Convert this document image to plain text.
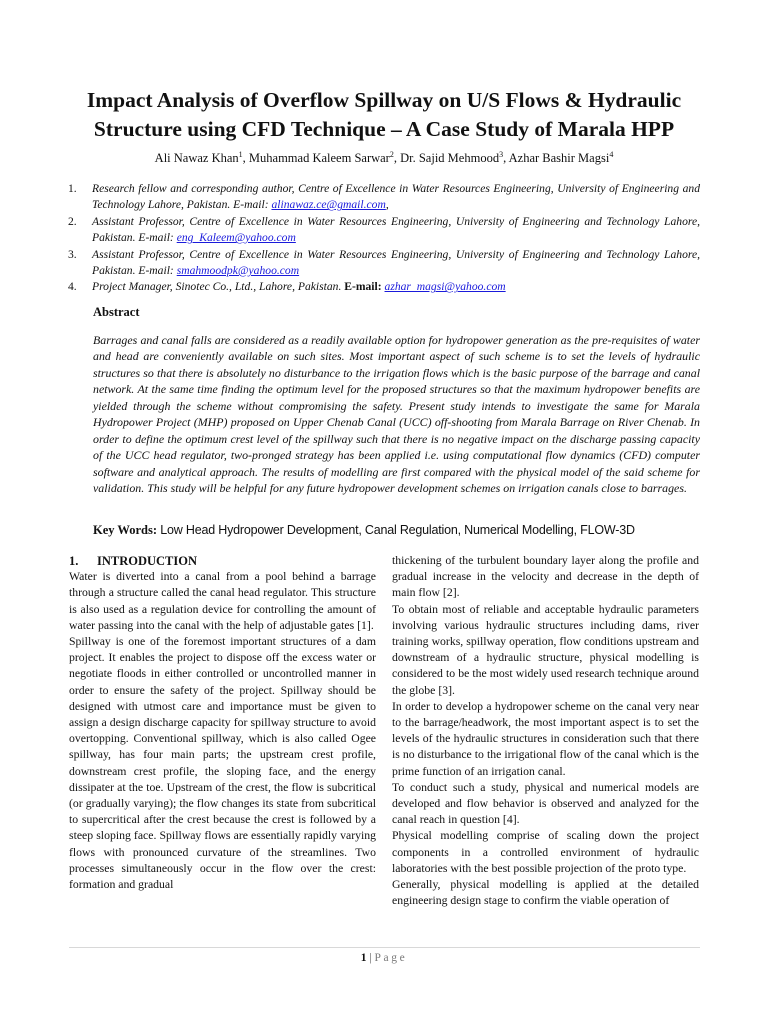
Impact Analysis of Overflow Spillway on U/S Flows & Hydraulic
Structure using CFD Technique – A Case Study of Marala HPP
Ali Nawaz Khan$^1$, Muhammad Kaleem Sarwar$^2$, Dr. Sajid Mehmood$^3$, Azhar Bashir Magsi$^4$
1. Research fellow and corresponding author, Centre of Excellence in Water Resources Engineering, University of Engineering and Technology Lahore, Pakistan. E-mail: alinawaz.ce@gmail.com,
2. Assistant Professor, Centre of Excellence in Water Resources Engineering, University of Engineering and Technology Lahore, Pakistan. E-mail: eng_Kaleem@yahoo.com
3. Assistant Professor, Centre of Excellence in Water Resources Engineering, University of Engineering and Technology Lahore, Pakistan. E-mail: smahmoodpk@yahoo.com
4. Project Manager, Sinotec Co., Ltd., Lahore, Pakistan. E-mail: azhar_magsi@yahoo.com
Abstract

Barrages and canal falls are considered as a readily available option for hydropower generation as the pre-requisites of water and head are conveniently available on such sites. Most important aspect of such scheme is to set the levels of hydraulic structures so that there is absolutely no disturbance to the irrigation flows which is the basic purpose of the barrage and canal network. At the same time finding the optimum level for the proposed structures so that the maximum hydropower benefits are yielded through the scheme without compromising the safety. Present study intends to investigate the same for Marala Hydropower Project (MHP) proposed on Upper Chenab Canal (UCC) off-shooting from Marala Barrage on River Chenab. In order to define the optimum crest level of the spillway such that there is no negative impact on the discharge passing capacity of the UCC head regulator, two-pronged strategy has been applied i.e. using computational flow dynamics (CFD) computer software and analytical approach. The results of modelling are first compared with the physical model of the said scheme for validation. This study will be helpful for any future hydropower development schemes on irrigation canals close to barrages.

Key Words: Low Head Hydropower Development, Canal Regulation, Numerical Modelling, FLOW-3D
1.	INTRODUCTION

Water is diverted into a canal from a pool behind a barrage through a structure called the canal head regulator. This structure is also used as a regulation device for controlling the amount of water passing into the canal with the help of adjustable gates [1].

Spillway is one of the foremost important structures of a dam project. It enables the project to dispose off the excess water or negotiate floods in either controlled or uncontrolled manner in order to ensure the safety of the project. Spillway should be designed with utmost care and importance must be given to assign a design discharge capacity for spillway structure to avoid overtopping. Conventional spillway, which is also called Ogee spillway, has four main parts; the upstream crest profile, downstream crest profile, the sloping face, and the energy dissipater at the toe. Upstream of the crest, the flow is subcritical (or gradually varying); the flow changes its state from subcritical to supercritical after the crest because the crest is followed by a steep sloping face. Spillway flows are essentially rapidly varying flows with pronounced curvature of the streamlines. Two processes simultaneously occur in the flow over the crest: formation and gradual

thickening of the turbulent boundary layer along the profile and gradual increase in the velocity and decrease in the depth of main flow [2].

To obtain most of reliable and acceptable hydraulic parameters involving various hydraulic structures including dams, river training works, spillway operation, flow conditions upstream and downstream of a hydraulic structure, physical modelling is considered to be the most widely used research technique around the globe [3].

In order to develop a hydropower scheme on the canal very near to the barrage/headwork, the most important aspect is to set the levels of the hydraulic structures in consideration such that there is no disturbance to the irrigational flow of the canal which is the prime function of an irrigation canal.

To conduct such a study, physical and numerical models are developed and flow behavior is observed and analyzed for the canal reach in question [4].

Physical modelling comprise of scaling down the project components in a controlled environment of hydraulic laboratories with the best possible projection of the proto type.

Generally, physical modelling is applied at the detailed engineering design stage to confirm the viable operation of

1 | Page
